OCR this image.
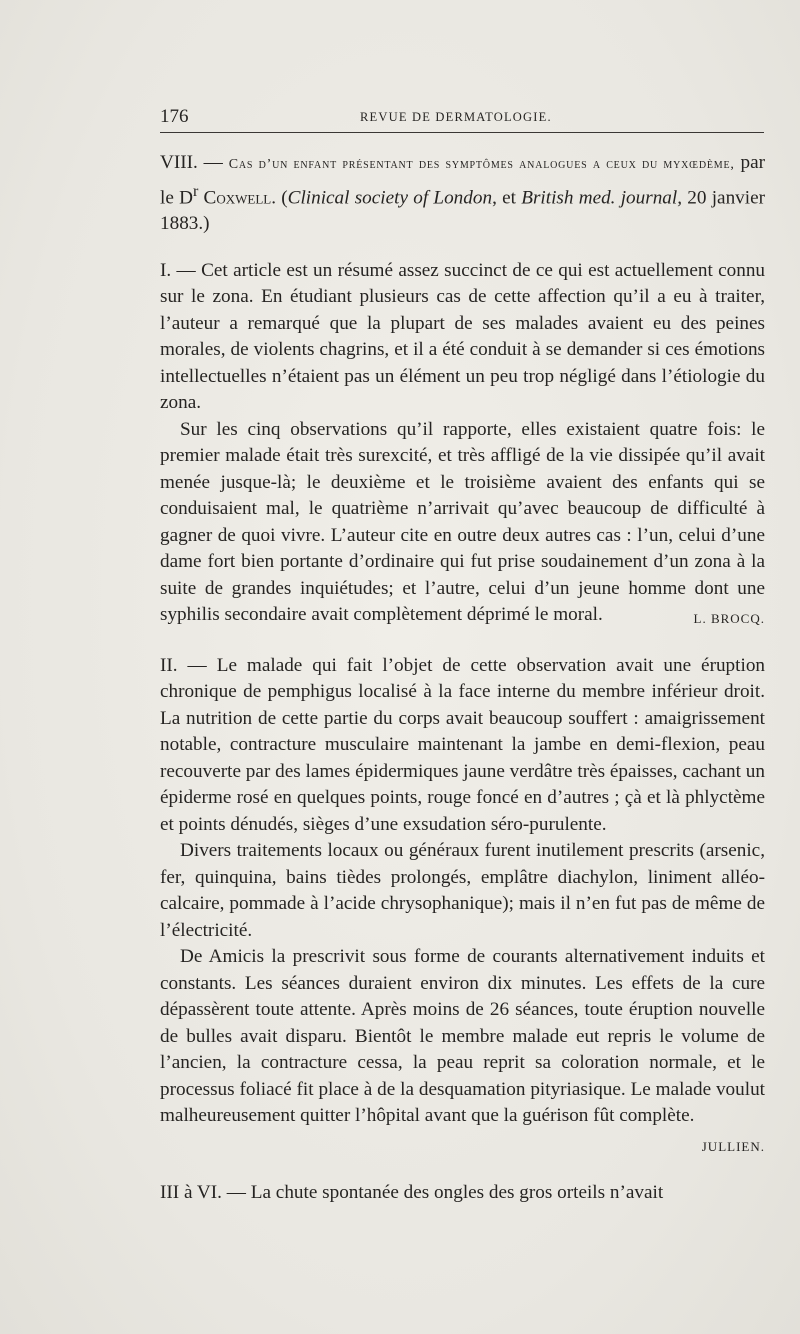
176	REVUE DE DERMATOLOGIE.

VIII. — Cas d’un enfant présentant des symptômes analogues a ceux du myxœdème, par le $D^r$ Coxwell. (Clinical society of London, et British med. journal, 20 janvier 1883.)

I. — Cet article est un résumé assez succinct de ce qui est actuellement connu sur le zona. En étudiant plusieurs cas de cette affection qu’il a eu à traiter, l’auteur a remarqué que la plupart de ses malades avaient eu des peines morales, de violents chagrins, et il a été conduit à se demander si ces émotions intellectuelles n’étaient pas un élément un peu trop négligé dans l’étiologie du zona.

Sur les cinq observations qu’il rapporte, elles existaient quatre fois: le premier malade était très surexcité, et très affligé de la vie dissipée qu’il avait menée jusque-là; le deuxième et le troisième avaient des enfants qui se conduisaient mal, le quatrième n’arrivait qu’avec beaucoup de difficulté à gagner de quoi vivre. L’auteur cite en outre deux autres cas : l’un, celui d’une dame fort bien portante d’ordinaire qui fut prise soudainement d’un zona à la suite de grandes inquiétudes; et l’autre, celui d’un jeune homme dont une syphilis secondaire avait complètement déprimé le moral.	L. BROCQ.

II. — Le malade qui fait l’objet de cette observation avait une éruption chronique de pemphigus localisé à la face interne du membre inférieur droit. La nutrition de cette partie du corps avait beaucoup souffert : amaigrissement notable, contracture musculaire maintenant la jambe en demi-flexion, peau recouverte par des lames épidermiques jaune verdâtre très épaisses, cachant un épiderme rosé en quelques points, rouge foncé en d’autres ; çà et là phlyctème et points dénudés, sièges d’une exsudation séro-purulente.

Divers traitements locaux ou généraux furent inutilement prescrits (arsenic, fer, quinquina, bains tièdes prolongés, emplâtre diachylon, liniment alléo-calcaire, pommade à l’acide chrysophanique); mais il n’en fut pas de même de l’électricité.

De Amicis la prescrivit sous forme de courants alternativement induits et constants. Les séances duraient environ dix minutes. Les effets de la cure dépassèrent toute attente. Après moins de 26 séances, toute éruption nouvelle de bulles avait disparu. Bientôt le membre malade eut repris le volume de l’ancien, la contracture cessa, la peau reprit sa coloration normale, et le processus foliacé fit place à de la desquamation pityriasique. Le malade voulut malheureusement quitter l’hôpital avant que la guérison fût complète.
JULLIEN.

III à VI. — La chute spontanée des ongles des gros orteils n’avait
